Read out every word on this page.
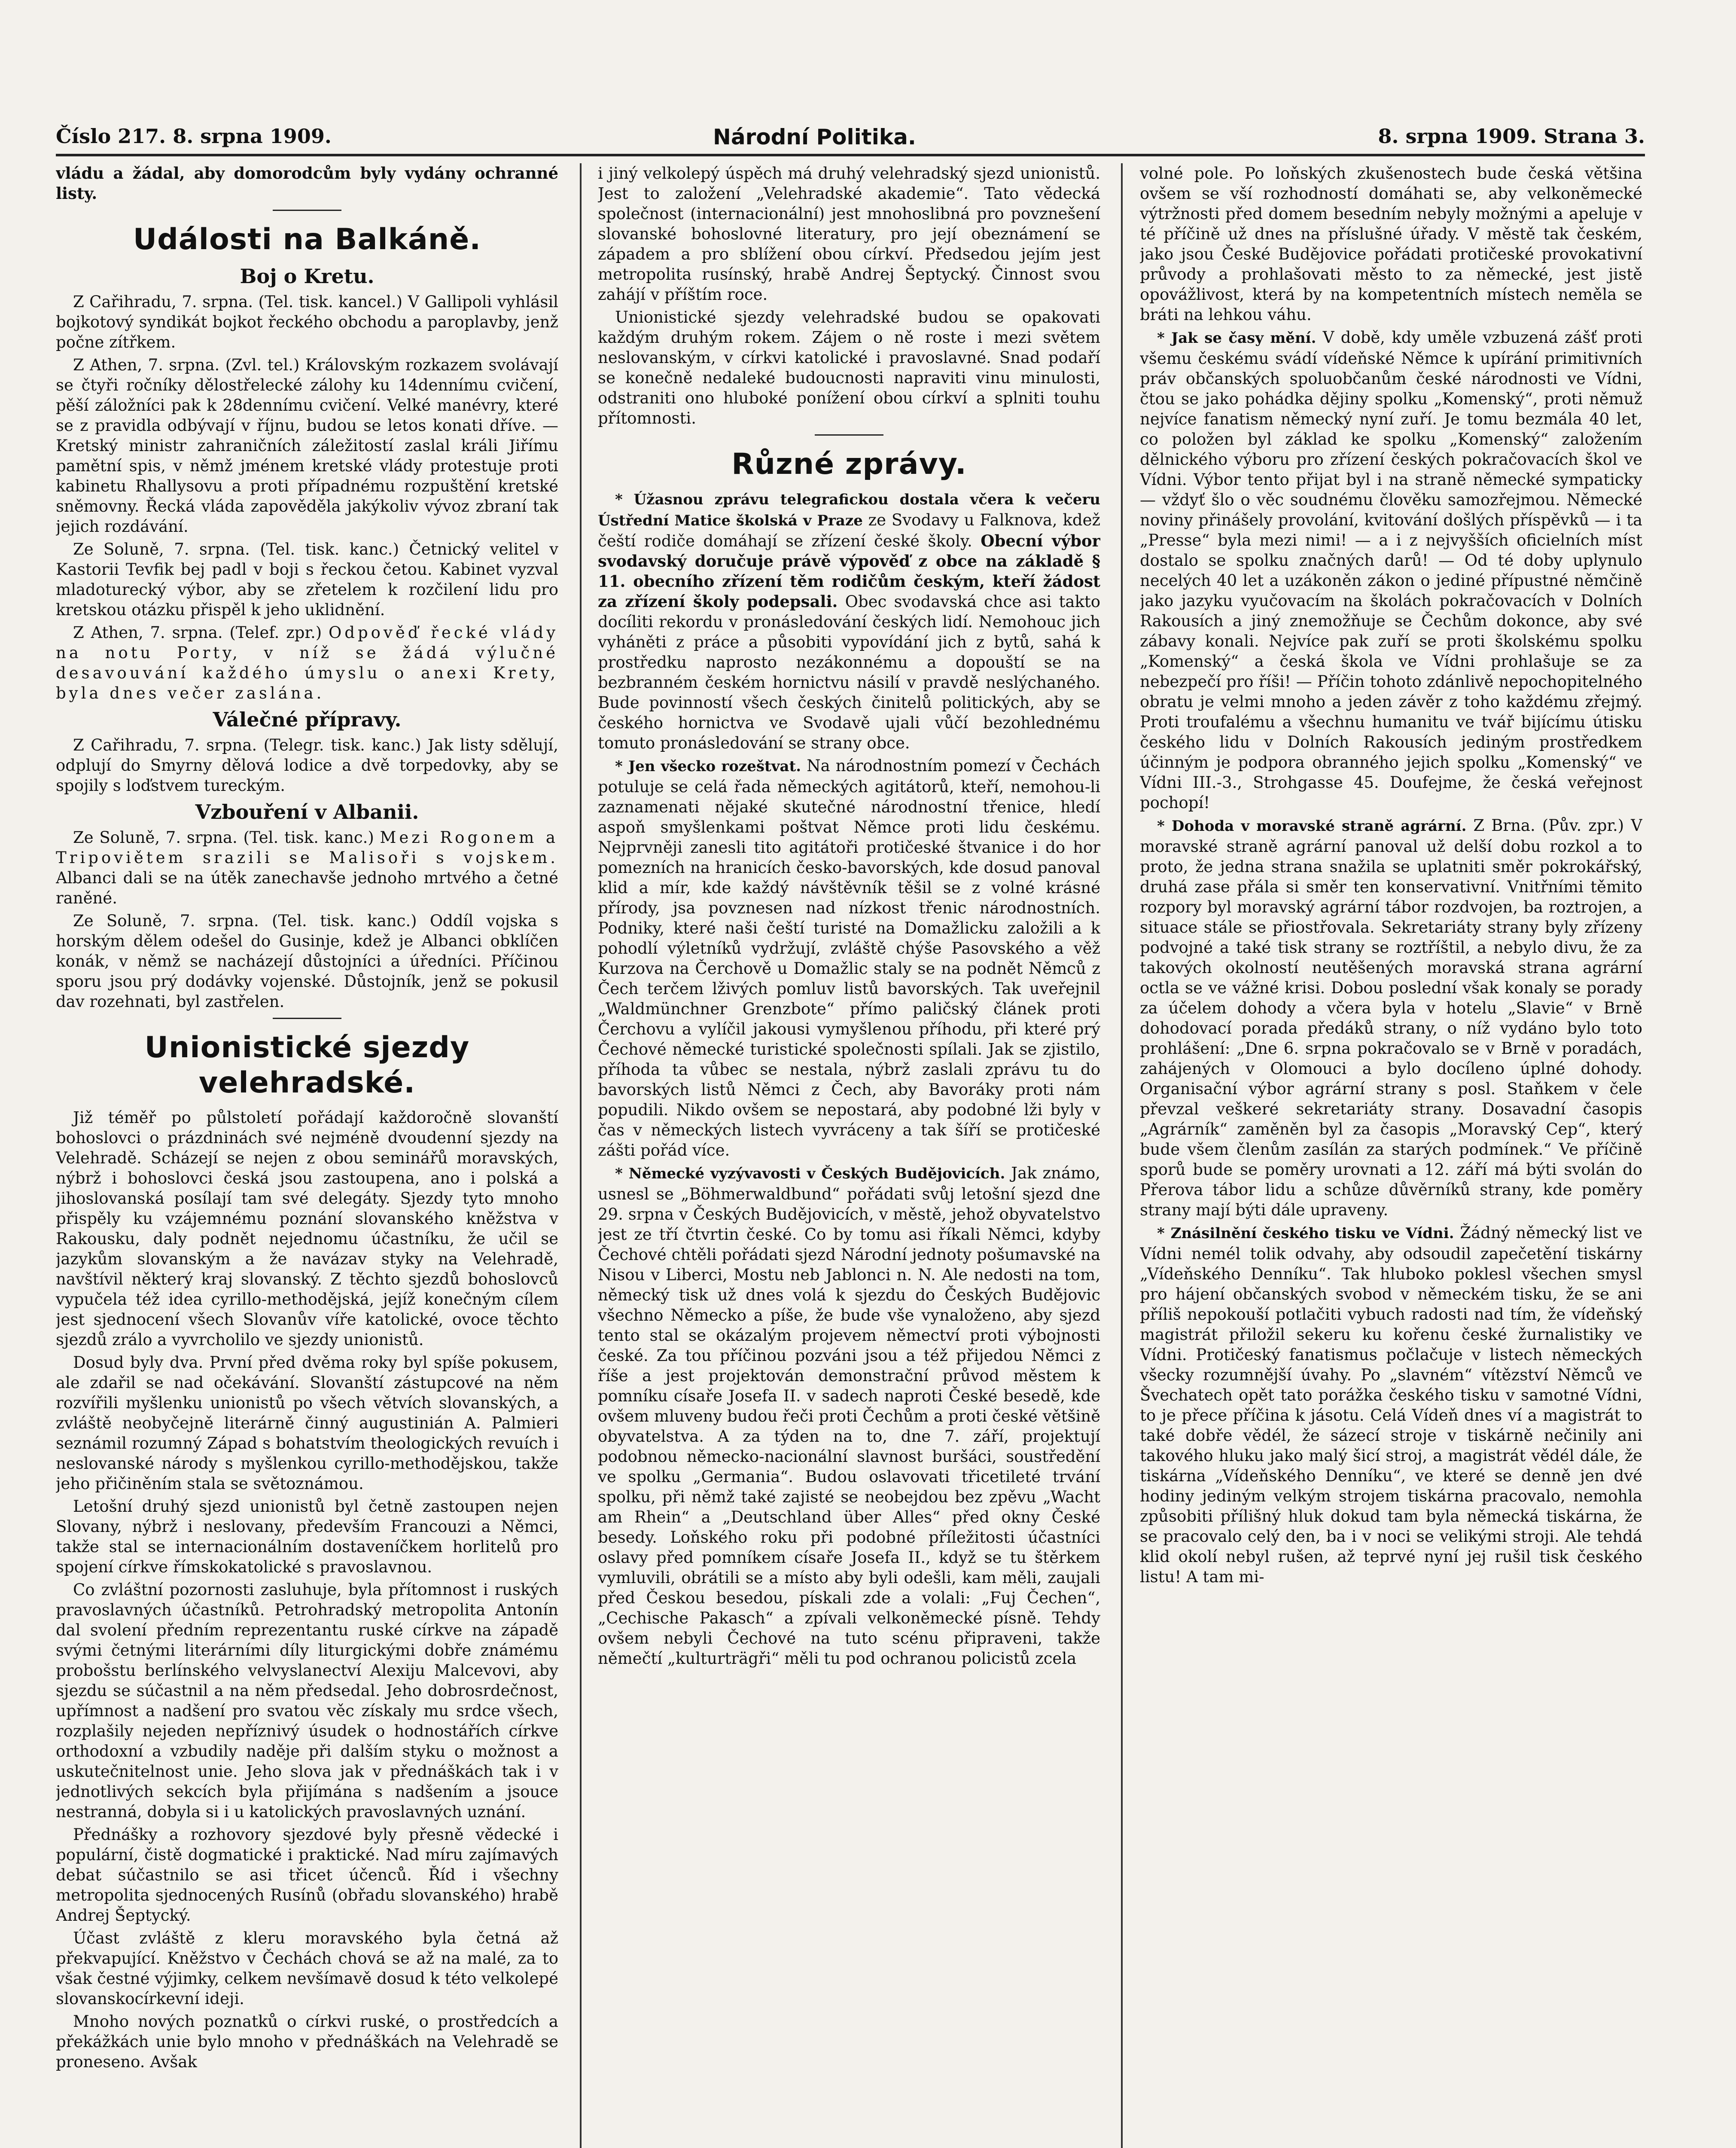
Číslo 217. 8. srpna 1909.	Národní Politika.	8. srpna 1909. Strana 3.

vládu a žádal, aby domorodcům byly vydány ochranné listy.

Události na Balkáně.
Boj o Kretu.

Z Cařihradu, 7. srpna. (Tel. tisk. kancel.) V Gallipoli vyhlásil bojkotový syndikát bojkot řeckého obchodu a paroplavby, jenž počne zítřkem.

Z Athen, 7. srpna. (Zvl. tel.) Královským rozkazem svolávají se čtyři ročníky dělostřelecké zálohy ku 14dennímu cvičení, pěší záložníci pak k 28dennímu cvičení. Velké manévry, které se z pravidla odbývají v říjnu, budou se letos konati dříve. — Kretský ministr zahraničních záležitostí zaslal králi Jiřímu pamětní spis, v němž jménem kretské vlády protestuje proti kabinetu Rhallysovu a proti případnému rozpuštění kretské sněmovny. Řecká vláda zapověděla jakýkoliv vývoz zbraní tak jejich rozdávání.

Ze Soluně, 7. srpna. (Tel. tisk. kanc.) Četnický velitel v Kastorii Tevfik bej padl v boji s řeckou četou. Kabinet vyzval mladoturecký výbor, aby se zřetelem k rozčilení lidu pro kretskou otázku přispěl k jeho uklidnění.

Z Athen, 7. srpna. (Telef. zpr.) Odpověď řecké vlády na notu Porty, v níž se žádá výlučné desavouvání každého úmyslu o anexi Krety, byla dnes večer zaslána.

Válečné přípravy.

Z Cařihradu, 7. srpna. (Telegr. tisk. kanc.) Jak listy sdělují, odplují do Smyrny dělová lodice a dvě torpedovky, aby se spojily s loďstvem tureckým.

Vzbouření v Albanii.

Ze Soluně, 7. srpna. (Tel. tisk. kanc.) Mezi Rogonem a Tripoviětem srazili se Malisoři s vojskem. Albanci dali se na útěk zanechavše jednoho mrtvého a četné raněné.

Ze Soluně, 7. srpna. (Tel. tisk. kanc.) Oddíl vojska s horským dělem odešel do Gusinje, kdež je Albanci obklíčen konák, v němž se nacházejí důstojníci a úředníci. Příčinou sporu jsou prý dodávky vojenské. Důstojník, jenž se pokusil dav rozehnati, byl zastřelen.

Unionistické sjezdy velehradské.

Již téměř po půlstoletí pořádají každoročně slovanští bohoslovci o prázdninách své nejméně dvoudenní sjezdy na Velehradě. Scházejí se nejen z obou seminářů moravských, nýbrž i bohoslovci česká jsou zastoupena, ano i polská a jihoslovanská posílají tam své delegáty. Sjezdy tyto mnoho přispěly ku vzájemnému poznání slovanského kněžstva v Rakousku, daly podnět nejednomu účastníku, že učil se jazykům slovanským a že navázav styky na Velehradě, navštívil některý kraj slovanský. Z těchto sjezdů bohoslovců vypučela též idea cyrillo-methodějská, jejíž konečným cílem jest sjednocení všech Slovanův víře katolické, ovoce těchto sjezdů zrálo a vyvrcholilo ve sjezdy unionistů.

Dosud byly dva. První před dvěma roky byl spíše pokusem, ale zdařil se nad očekávání. Slovanští zástupcové na něm rozvířili myšlenku unionistů po všech větvích slovanských, a zvláště neobyčejně literárně činný augustinián A. Palmieri seznámil rozumný Západ s bohatstvím theologických revuích i neslovanské národy s myšlenkou cyrillo-methodějskou, takže jeho přičiněním stala se světoznámou.

Letošní druhý sjezd unionistů byl četně zastoupen nejen Slovany, nýbrž i neslovany, především Francouzi a Němci, takže stal se internacionálním dostaveníčkem horlitelů pro spojení církve římskokatolické s pravoslavnou.

Co zvláštní pozornosti zasluhuje, byla přítomnost i ruských pravoslavných účastníků. Petrohradský metropolita Antonín dal svolení předním reprezentantu ruské církve na západě svými četnými literárními díly liturgickými dobře známému probošstu berlínského velvyslanectví Alexiju Malcevovi, aby sjezdu se súčastnil a na něm předsedal. Jeho dobrosrdečnost, upřímnost a nadšení pro svatou věc získaly mu srdce všech, rozplašily nejeden nepříznivý úsudek o hodnostářích církve orthodoxní a vzbudily naděje při dalším styku o možnost a uskutečnitelnost unie. Jeho slova jak v přednáškách tak i v jednotlivých sekcích byla přijímána s nadšením a jsouce nestranná, dobyla si i u katolických pravoslavných uznání.

Přednášky a rozhovory sjezdové byly přesně vědecké i populární, čistě dogmatické i praktické. Nad míru zajímavých debat súčastnilo se asi třicet účenců. Říd i všechny metropolita sjednocených Rusínů (obřadu slovanského) hrabě Andrej Šeptycký.

Účast zvláště z kleru moravského byla četná až překvapující. Kněžstvo v Čechách chová se až na malé, za to však čestné výjimky, celkem nevšímavě dosud k této velkolepé slovanskocírkevní ideji.

Mnoho nových poznatků o církvi ruské, o prostředcích a překážkách unie bylo mnoho v přednáškách na Velehradě se proneseno. Avšak

i jiný velkolepý úspěch má druhý velehradský sjezd unionistů. Jest to založení „Velehradské akademie“. Tato vědecká společnost (internacionální) jest mnohoslibná pro povznešení slovanské bohoslovné literatury, pro její obeznámení se západem a pro sblížení obou církví. Předsedou jejím jest metropolita rusínský, hrabě Andrej Šeptycký. Činnost svou zahájí v příštím roce.

Unionistické sjezdy velehradské budou se opakovati každým druhým rokem. Zájem o ně roste i mezi světem neslovanským, v církvi katolické i pravoslavné. Snad podaří se konečně nedaleké budoucnosti napraviti vinu minulosti, odstraniti ono hluboké ponížení obou církví a splniti touhu přítomnosti.

Různé zprávy.

* Úžasnou zprávu telegrafickou dostala včera k večeru Ústřední Matice školská v Praze ze Svodavy u Falknova, kdež čeští rodiče domáhají se zřízení české školy. Obecní výbor svodavský doručuje právě výpověď z obce na základě § 11. obecního zřízení těm rodičům českým, kteří žádost za zřízení školy podepsali. Obec svodavská chce asi takto docíliti rekordu v pronásledování českých lidí. Nemohouc jich vyháněti z práce a působiti vypovídání jich z bytů, sahá k prostředku naprosto nezákonnému a dopouští se na bezbranném českém hornictvu násilí v pravdě neslýchaného. Bude povinností všech českých činitelů politických, aby se českého hornictva ve Svodavě ujali vůčí bezohlednému tomuto pronásledování se strany obce.

* Jen všecko rozeštvat. Na národnostním pomezí v Čechách potuluje se celá řada německých agitátorů, kteří, nemohou-li zaznamenati nějaké skutečné národnostní třenice, hledí aspoň smyšlenkami poštvat Němce proti lidu českému. Nejprvněji zanesli tito agitátoři protičeské štvanice i do hor pomezních na hranicích česko-bavorských, kde dosud panoval klid a mír, kde každý návštěvník těšil se z volné krásné přírody, jsa povznesen nad nízkost třenic národnostních. Podniky, které naši čeští turisté na Domažlicku založili a k pohodlí výletníků vydržují, zvláště chýše Pasovského a věž Kurzova na Čerchově u Domažlic staly se na podnět Němců z Čech terčem lživých pomluv listů bavorských. Tak uveřejnil „Waldmünchner Grenzbote“ přímo paličský článek proti Čerchovu a vylíčil jakousi vymyšlenou příhodu, při které prý Čechové německé turistické společnosti spílali. Jak se zjistilo, příhoda ta vůbec se nestala, nýbrž zaslali zprávu tu do bavorských listů Němci z Čech, aby Bavoráky proti nám popudili. Nikdo ovšem se nepostará, aby podobné lži byly v čas v německých listech vyvráceny a tak šíří se protičeské zášti pořád více.

* Německé vyzývavosti v Českých Budějovicích. Jak známo, usnesl se „Böhmerwaldbund“ pořádati svůj letošní sjezd dne 29. srpna v Českých Budějovicích, v městě, jehož obyvatelstvo jest ze tří čtvrtin české. Co by tomu asi říkali Němci, kdyby Čechové chtěli pořádati sjezd Národní jednoty pošumavské na Nisou v Liberci, Mostu neb Jablonci n. N. Ale nedosti na tom, německý tisk už dnes volá k sjezdu do Českých Budějovic všechno Německo a píše, že bude vše vynaloženo, aby sjezd tento stal se okázalým projevem němectví proti výbojnosti české. Za tou příčinou pozváni jsou a též přijedou Němci z říše a jest projektován demonstrační průvod městem k pomníku císaře Josefa II. v sadech naproti České besedě, kde ovšem mluveny budou řeči proti Čechům a proti české většině obyvatelstva. A za týden na to, dne 7. září, projektují podobnou německo-nacionální slavnost buršáci, soustředění ve spolku „Germania“. Budou oslavovati třicetileté trvání spolku, při němž také zajisté se neobejdou bez zpěvu „Wacht am Rhein“ a „Deutschland über Alles“ před okny České besedy. Loňského roku při podobné příležitosti účastníci oslavy před pomníkem císaře Josefa II., když se tu štěrkem vymluvili, obrátili se a místo aby byli odešli, kam měli, zaujali před Českou besedou, pískali zde a volali: „Fuj Čechen“, „Cechische Pakasch“ a zpívali velkoněmecké písně. Tehdy ovšem nebyli Čechové na tuto scénu připraveni, takže němečtí „kulturträgři“ měli tu pod ochranou policistů zcela

volné pole. Po loňských zkušenostech bude česká většina ovšem se vší rozhodností domáhati se, aby velkoněmecké výtržnosti před domem besedním nebyly možnými a apeluje v té příčině už dnes na příslušné úřady. V městě tak českém, jako jsou České Budějovice pořádati protičeské provokativní průvody a prohlašovati město to za německé, jest jistě opovážlivost, která by na kompetentních místech neměla se bráti na lehkou váhu.

* Jak se časy mění. V době, kdy uměle vzbuzená zášť proti všemu českému svádí vídeňské Němce k upírání primitivních práv občanských spoluobčanům české národnosti ve Vídni, čtou se jako pohádka dějiny spolku „Komenský“, proti němuž nejvíce fanatism německý nyní zuří. Je tomu bezmála 40 let, co položen byl základ ke spolku „Komenský“ založením dělnického výboru pro zřízení českých pokračovacích škol ve Vídni. Výbor tento přijat byl i na straně německé sympaticky — vždyť šlo o věc soudnému člověku samozřejmou. Německé noviny přinášely provolání, kvitování došlých příspěvků — i ta „Presse“ byla mezi nimi! — a i z nejvyšších oficielních míst dostalo se spolku značných darů! — Od té doby uplynulo necelých 40 let a uzákoněn zákon o jediné přípustné němčině jako jazyku vyučovacím na školách pokračovacích v Dolních Rakousích a jiný znemožňuje se Čechům dokonce, aby své zábavy konali. Nejvíce pak zuří se proti školskému spolku „Komenský“ a česká škola ve Vídni prohlašuje se za nebezpečí pro říši! — Příčin tohoto zdánlivě nepochopitelného obratu je velmi mnoho a jeden závěr z toho každému zřejmý. Proti troufalému a všechnu humanitu ve tvář bijícímu útisku českého lidu v Dolních Rakousích jediným prostředkem účinným je podpora obranného jejich spolku „Komenský“ ve Vídni III.-3., Strohgasse 45. Doufejme, že česká veřejnost pochopí!

* Dohoda v moravské straně agrární. Z Brna. (Pův. zpr.) V moravské straně agrární panoval už delší dobu rozkol a to proto, že jedna strana snažila se uplatniti směr pokrokářský, druhá zase přála si směr ten konservativní. Vnitřními těmito rozpory byl moravský agrární tábor rozdvojen, ba roztrojen, a situace stále se přiostřovala. Sekretariáty strany byly zřízeny podvojné a také tisk strany se roztříštil, a nebylo divu, že za takových okolností neutěšených moravská strana agrární octla se ve vážné krisi. Dobou poslední však konaly se porady za účelem dohody a včera byla v hotelu „Slavie“ v Brně dohodovací porada předáků strany, o níž vydáno bylo toto prohlášení: „Dne 6. srpna pokračovalo se v Brně v poradách, zahájených v Olomouci a bylo docíleno úplné dohody. Organisační výbor agrární strany s posl. Staňkem v čele převzal veškeré sekretariáty strany. Dosavadní časopis „Agrárník“ zaměněn byl za časopis „Moravský Cep“, který bude všem členům zasílán za starých podmínek.“ Ve příčině sporů bude se poměry urovnati a 12. září má býti svolán do Přerova tábor lidu a schůze důvěrníků strany, kde poměry strany mají býti dále upraveny.

* Znásilnění českého tisku ve Vídni. Žádný německý list ve Vídni nemél tolik odvahy, aby odsoudil zapečetění tiskárny „Vídeňského Denníku“. Tak hluboko poklesl všechen smysl pro hájení občanských svobod v německém tisku, že se ani příliš nepokouší potlačiti vybuch radosti nad tím, že vídeňský magistrát přiložil sekeru ku kořenu české žurnalistiky ve Vídni. Protičeský fanatismus počlačuje v listech německých všecky rozumnější úvahy. Po „slavném“ vítězství Němců ve Švechatech opět tato porážka českého tisku v samotné Vídni, to je přece příčina k jásotu. Celá Vídeň dnes ví a magistrát to také dobře vědél, že sázecí stroje v tiskárně nečinily ani takového hluku jako malý šicí stroj, a magistrát vědél dále, že tiskárna „Vídeňského Denníku“, ve které se denně jen dvé hodiny jediným velkým strojem tiskárna pracovalo, nemohla způsobiti přílišný hluk dokud tam byla německá tiskárna, že se pracovalo celý den, ba i v noci se velikými stroji. Ale tehdá klid okolí nebyl rušen, až teprvé nyní jej rušil tisk českého listu! A tam mi-
